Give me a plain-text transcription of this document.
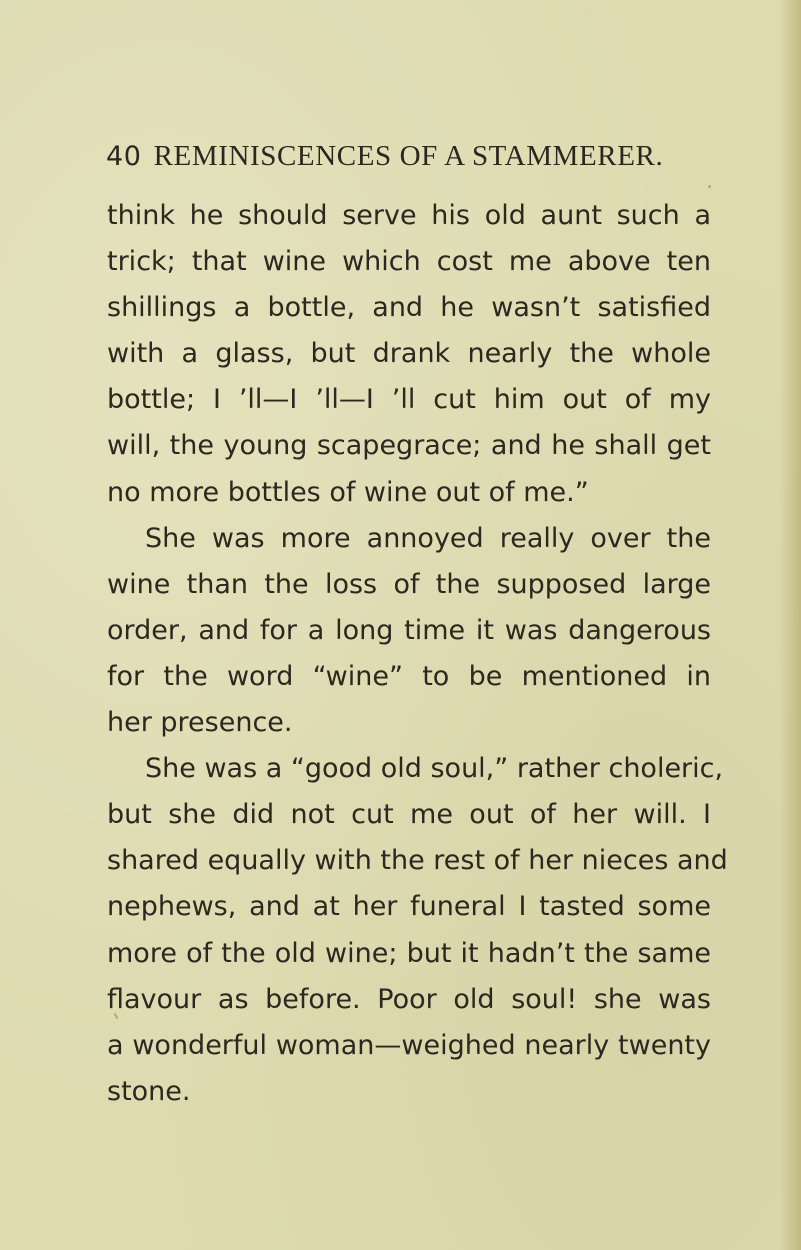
40 REMINISCENCES OF A STAMMERER.
think he should serve his old aunt such a
trick; that wine which cost me above ten
shillings a bottle, and he wasn’t satisfied
with a glass, but drank nearly the whole
bottle; I ’ll—I ’ll—I ’ll cut him out of my
will, the young scapegrace; and he shall get
no more bottles of wine out of me.”
She was more annoyed really over the
wine than the loss of the supposed large
order, and for a long time it was dangerous
for the word “wine” to be mentioned in
her presence.
She was a “good old soul,” rather choleric,
but she did not cut me out of her will. I
shared equally with the rest of her nieces and
nephews, and at her funeral I tasted some
more of the old wine; but it hadn’t the same
flavour as before. Poor old soul! she was
a wonderful woman—weighed nearly twenty
stone.
